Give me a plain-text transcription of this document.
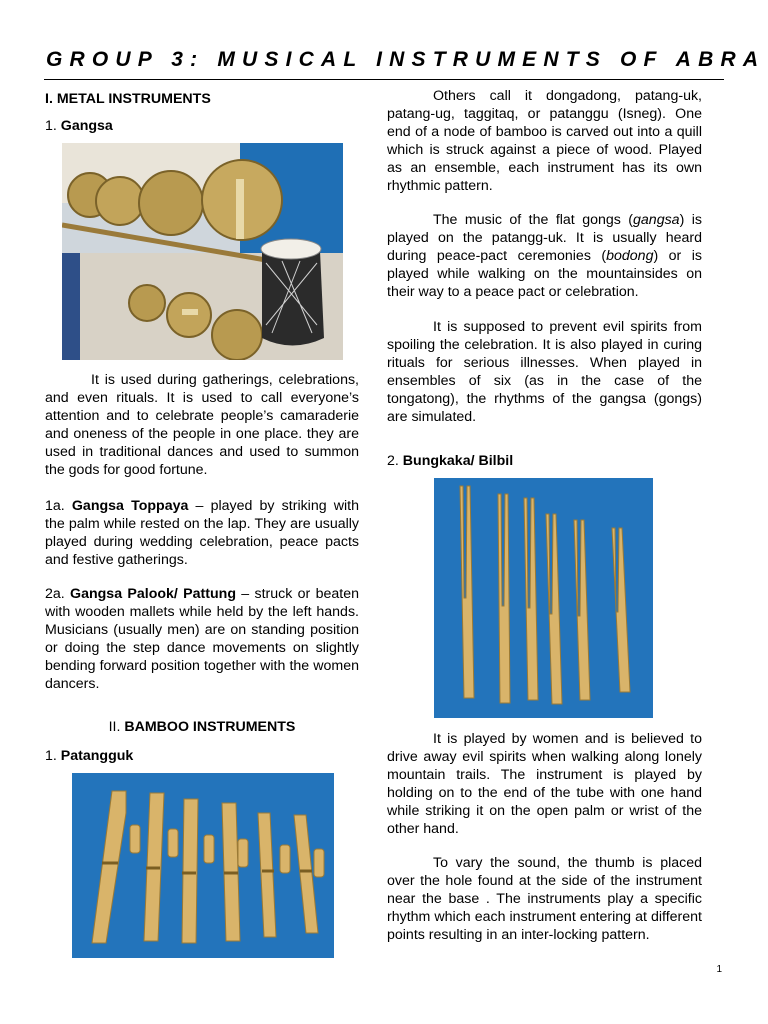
GROUP 3: MUSICAL INSTRUMENTS OF ABRA

I. METAL INSTRUMENTS

1. Gangsa

It is used during gatherings, celebrations, and even rituals. It is used to call everyone’s attention and to celebrate people’s camaraderie and oneness of the people in one place. they are used in traditional dances and used to summon the gods for good fortune.

1a. Gangsa Toppaya – played by striking with the palm while rested on the lap. They are usually played during wedding celebration, peace pacts and festive gatherings.

2a. Gangsa Palook/ Pattung – struck or beaten with wooden mallets while held by the left hands. Musicians (usually men) are on standing position or doing the step dance movements on slightly bending forward position together with the women dancers.

II. BAMBOO INSTRUMENTS

1. Patangguk

Others call it dongadong, patang-uk, patang-ug, taggitaq, or patanggu (Isneg). One end of a node of bamboo is carved out into a quill which is struck against a piece of wood. Played as an ensemble, each instrument has its own rhythmic pattern.

The music of the flat gongs (gangsa) is played on the patangg-uk. It is usually heard during peace-pact ceremonies (bodong) or is played while walking on the mountainsides on their way to a peace pact or celebration.

It is supposed to prevent evil spirits from spoiling the celebration. It is also played in curing rituals for serious illnesses. When played in ensembles of six (as in the case of the tongatong), the rhythms of the gangsa (gongs) are simulated.

2. Bungkaka/ Bilbil

It is played by women and is believed to drive away evil spirits when walking along lonely mountain trails. The instrument is played by holding on to the end of the tube with one hand while striking it on the open palm or wrist of the other hand.

To vary the sound, the thumb is placed over the hole found at the side of the instrument near the base . The instruments play a specific rhythm which each instrument entering at different points resulting in an inter-locking pattern.

1
